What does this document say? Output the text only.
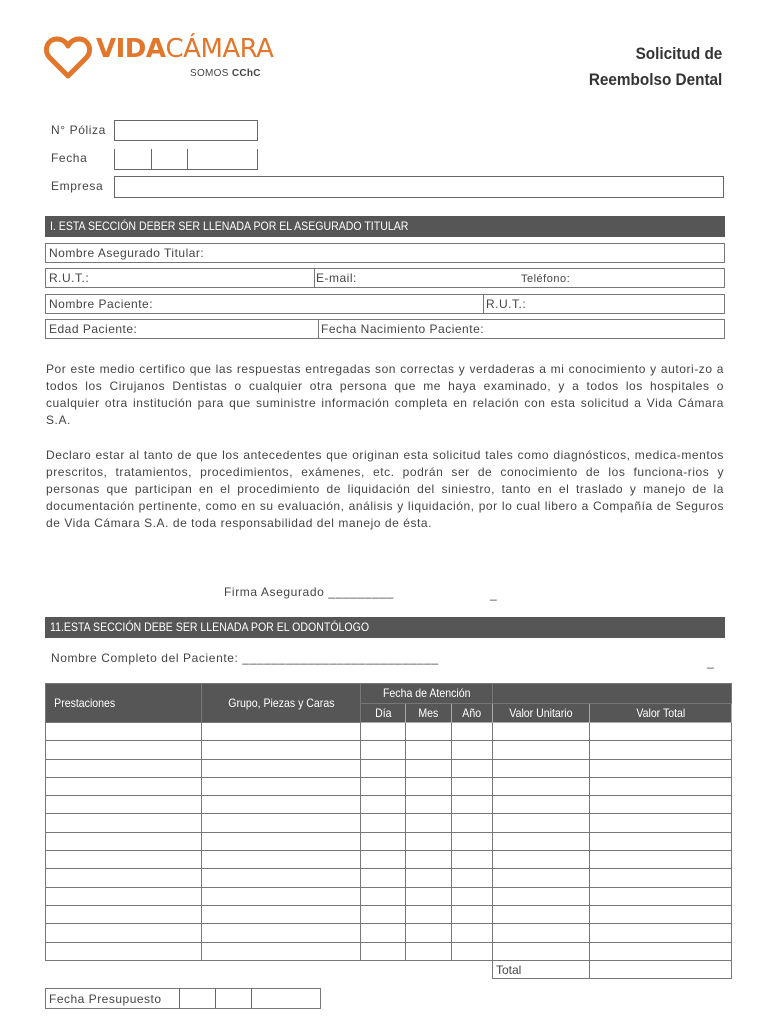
VIDACÁMARA
SOMOS CChC
Solicitud de
Reembolso Dental
N° Póliza
Fecha
Empresa
I. ESTA SECCIÓN DEBER SER LLENADA POR EL ASEGURADO TITULAR
Nombre Asegurado Titular:
R.U.T.:	E-mail:	Teléfono:
Nombre Paciente:	R.U.T.:
Edad Paciente:	Fecha Nacimiento Paciente:
Por este medio certifico que las respuestas entregadas son correctas y verdaderas a mi conocimiento y autori-zo a todos los Cirujanos Dentistas o cualquier otra persona que me haya examinado, y a todos los hospitales o cualquier otra institución para que suministre información completa en relación con esta solicitud a Vida Cámara S.A.
Declaro estar al tanto de que los antecedentes que originan esta solicitud tales como diagnósticos, medica-mentos prescritos, tratamientos, procedimientos, exámenes, etc. podrán ser de conocimiento de los funciona-rios y personas que participan en el procedimiento de liquidación del siniestro, tanto en el traslado y manejo de la documentación pertinente, como en su evaluación, análisis y liquidación, por lo cual libero a Compañía de Seguros de Vida Cámara S.A. de toda responsabilidad del manejo de ésta.
Firma Asegurado _________	_
11.ESTA SECCIÓN DEBE SER LLENADA POR EL ODONTÓLOGO
Nombre Completo del Paciente: ___________________________	_
Prestaciones	Grupo, Piezas y Caras	Fecha de Atención				
		Día	Mes	Año	Valor Unitario	Valor Total

					Total	
Fecha Presupuesto
